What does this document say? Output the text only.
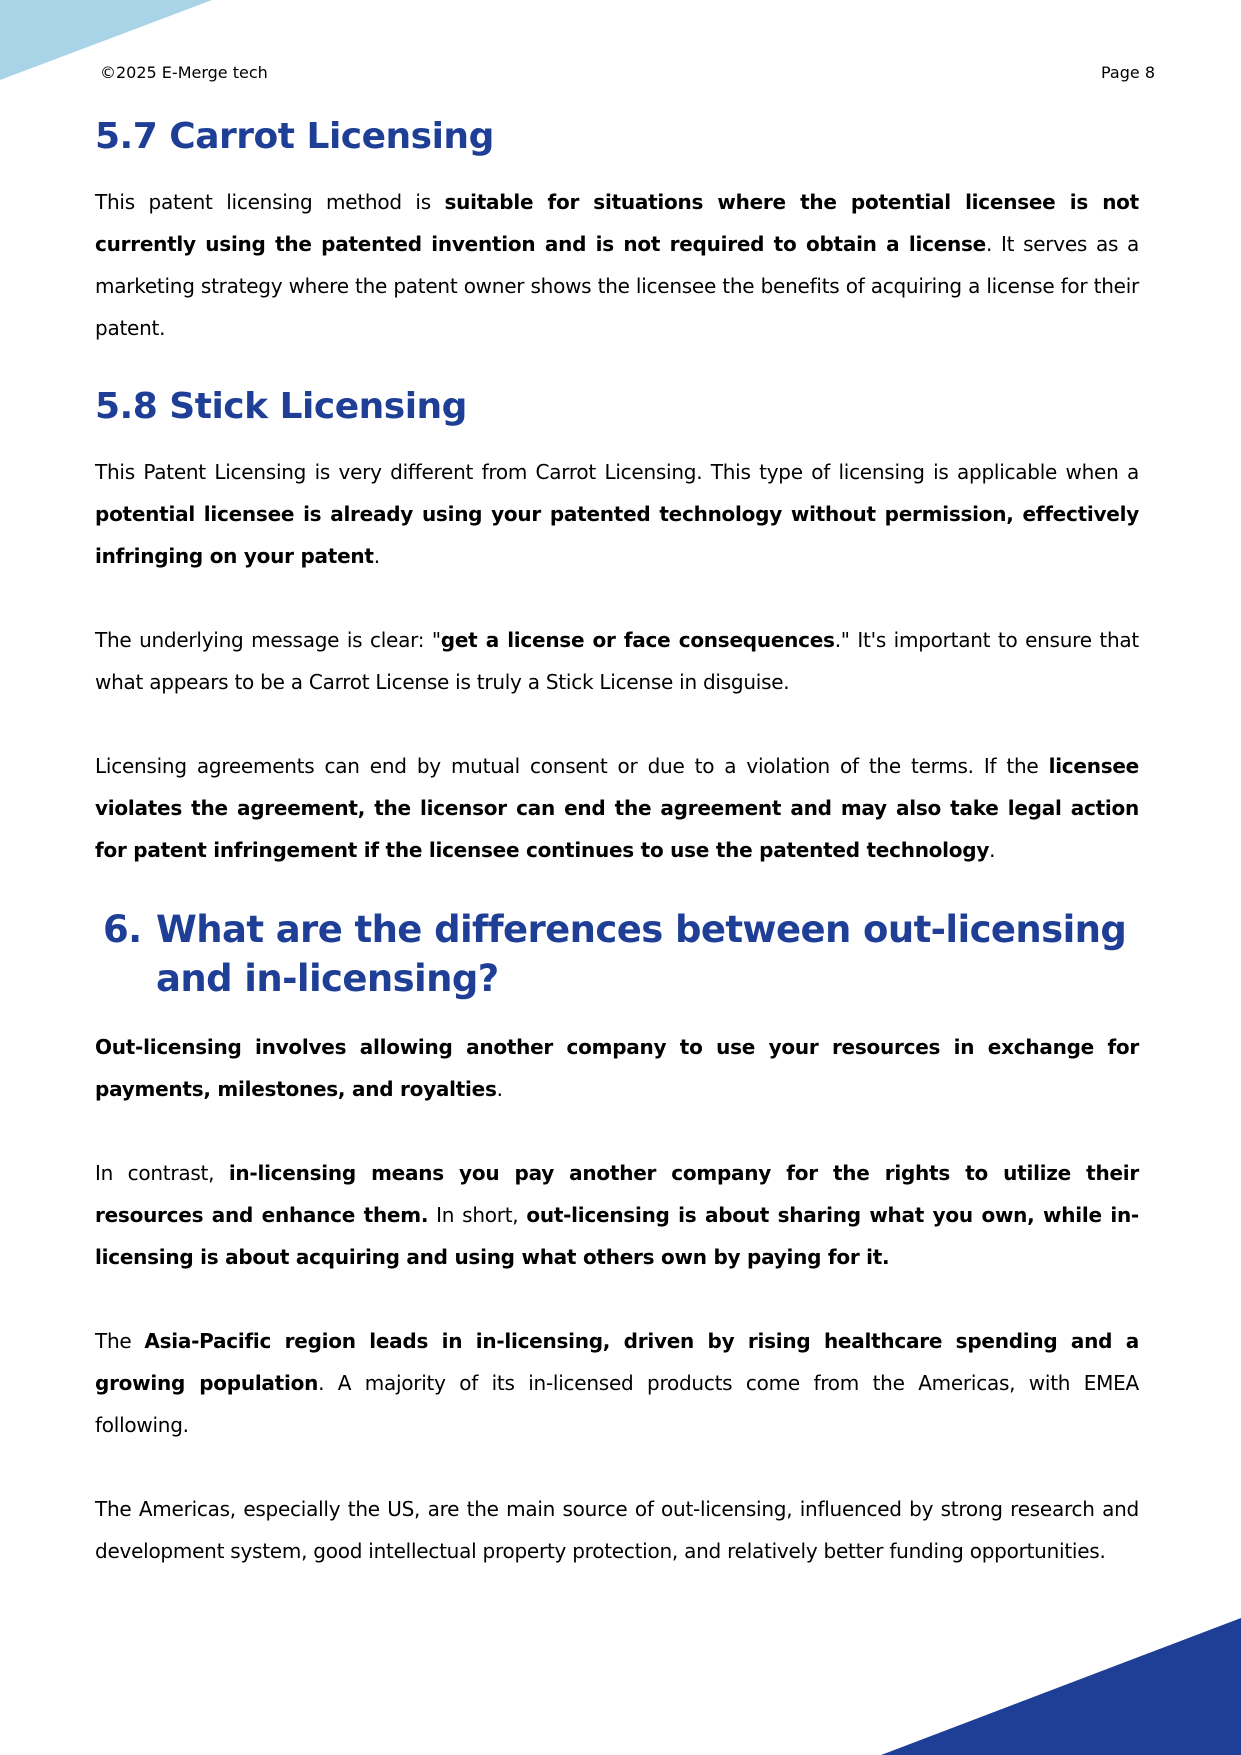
©2025 E-Merge tech	Page 8
5.7 Carrot Licensing

This patent licensing method is suitable for situations where the potential licensee is not currently using the patented invention and is not required to obtain a license. It serves as a marketing strategy where the patent owner shows the licensee the benefits of acquiring a license for their patent.

5.8 Stick Licensing

This Patent Licensing is very different from Carrot Licensing. This type of licensing is applicable when a potential licensee is already using your patented technology without permission, effectively infringing on your patent.

The underlying message is clear: "get a license or face consequences." It's important to ensure that what appears to be a Carrot License is truly a Stick License in disguise.

Licensing agreements can end by mutual consent or due to a violation of the terms. If the licensee violates the agreement, the licensor can end the agreement and may also take legal action for patent infringement if the licensee continues to use the patented technology.

6. What are the differences between out-licensing and in-licensing?

Out-licensing involves allowing another company to use your resources in exchange for payments, milestones, and royalties.

In contrast, in-licensing means you pay another company for the rights to utilize their resources and enhance them. In short, out-licensing is about sharing what you own, while in-licensing is about acquiring and using what others own by paying for it.

The Asia-Pacific region leads in in-licensing, driven by rising healthcare spending and a growing population. A majority of its in-licensed products come from the Americas, with EMEA following.

The Americas, especially the US, are the main source of out-licensing, influenced by strong research and development system, good intellectual property protection, and relatively better funding opportunities.
